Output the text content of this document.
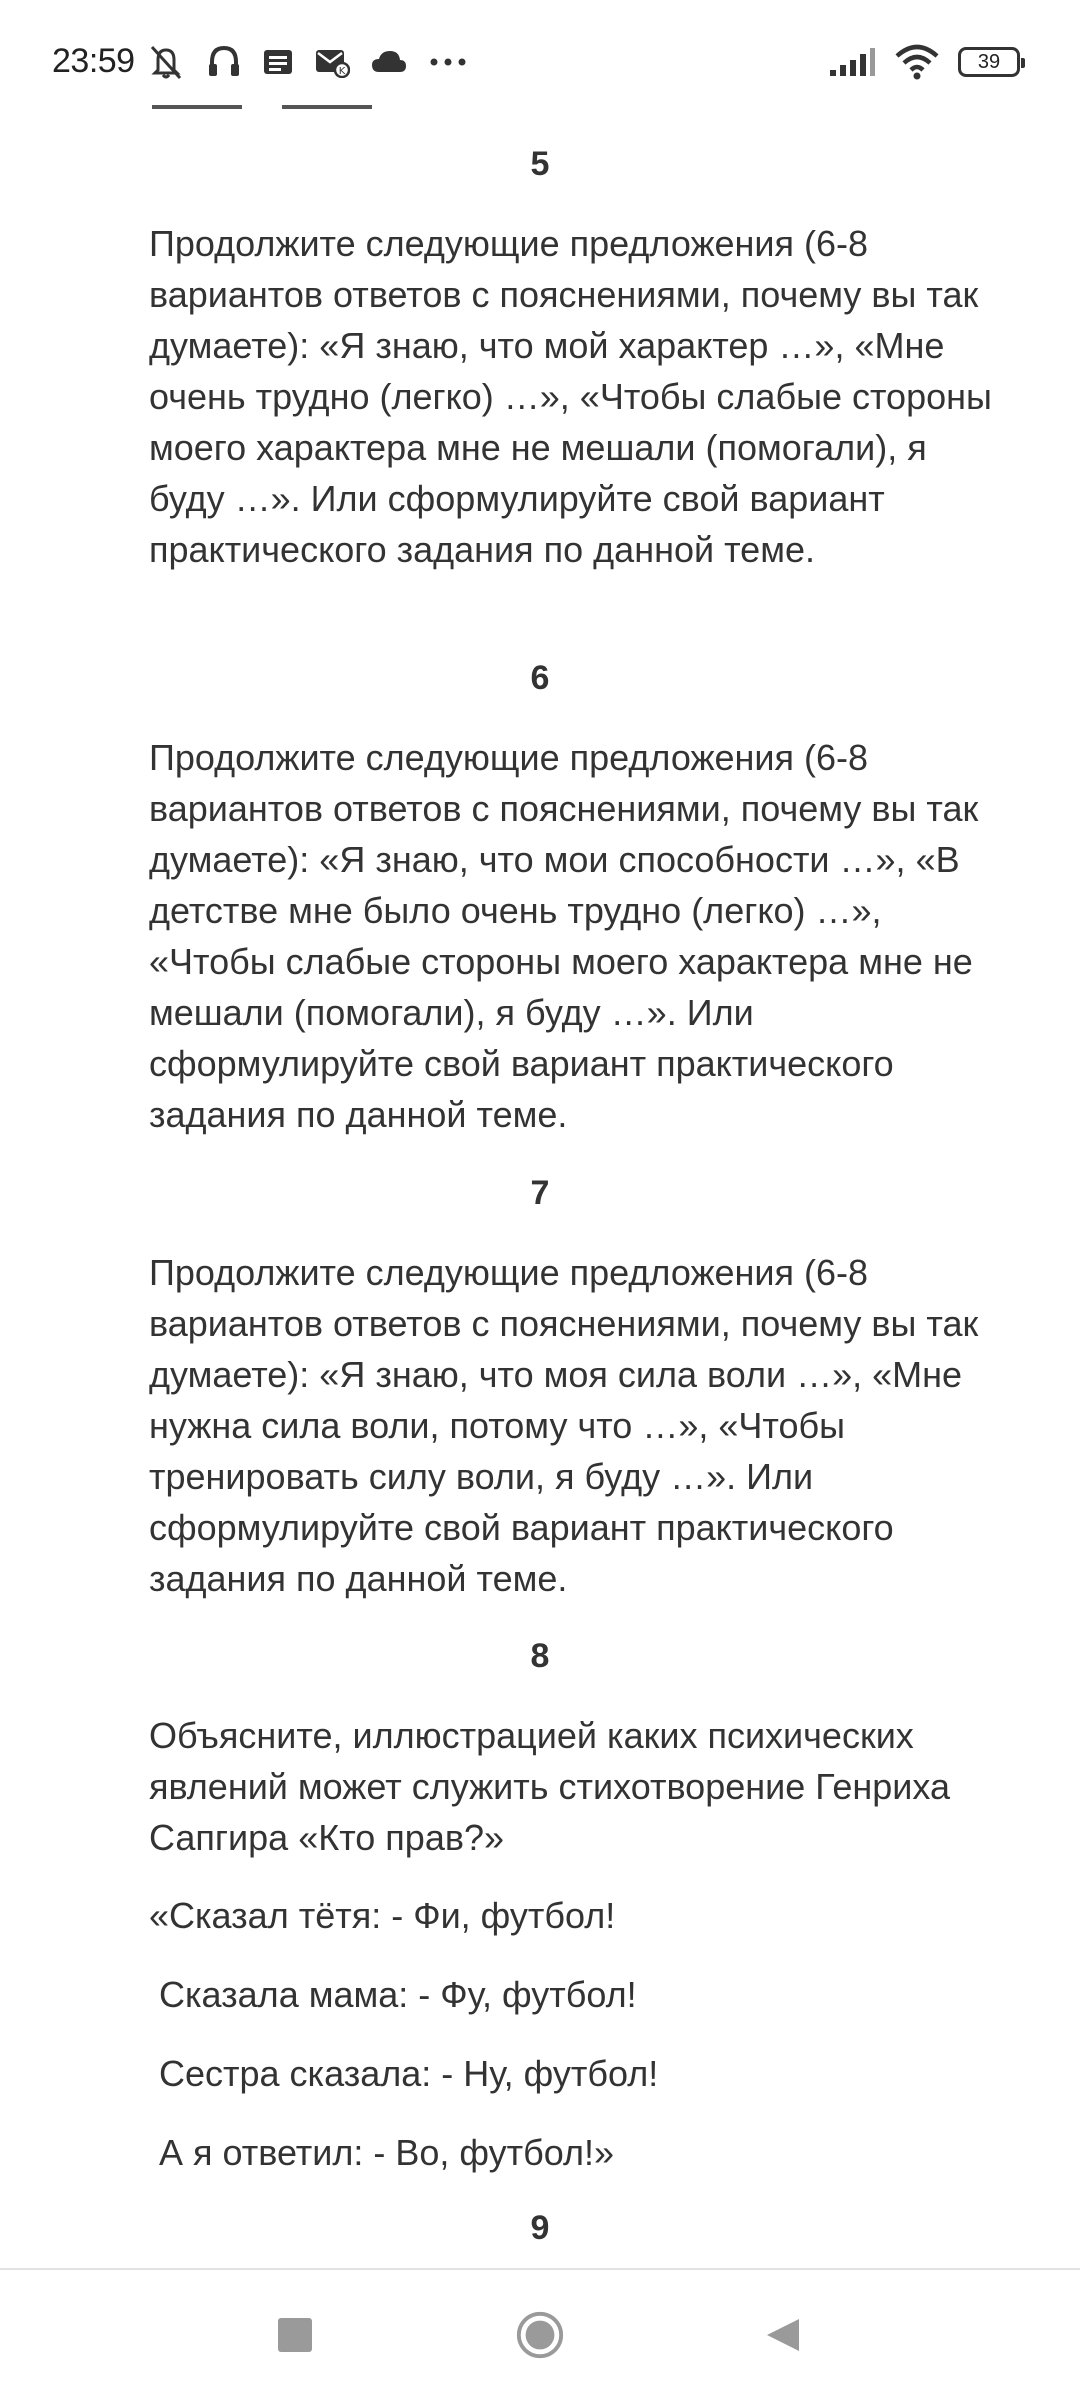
23:59	K	39
5

Продолжите следующие предложения (6-8 вариантов ответов с пояснениями, почему вы так думаете): «Я знаю, что мой характер …», «Мне очень трудно (легко) …», «Чтобы слабые стороны моего характера мне не мешали (помогали), я буду …». Или сформулируйте свой вариант практического задания по данной теме.

6

Продолжите следующие предложения (6-8 вариантов ответов с пояснениями, почему вы так думаете): «Я знаю, что мои способности …», «В детстве мне было очень трудно (легко) …», «Чтобы слабые стороны моего характера мне не мешали (помогали), я буду …». Или сформулируйте свой вариант практического задания по данной теме.

7

Продолжите следующие предложения (6-8 вариантов ответов с пояснениями, почему вы так думаете): «Я знаю, что моя сила воли …», «Мне нужна сила воли, потому что …», «Чтобы тренировать силу воли, я буду …». Или сформулируйте свой вариант практического задания по данной теме.

8

Объясните, иллюстрацией каких психических явлений может служить стихотворение Генриха Сапгира «Кто прав?»

«Сказал тётя: - Фи, футбол!

Сказала мама: - Фу, футбол!

Сестра сказала: - Ну, футбол!

А я ответил: - Во, футбол!»

9
